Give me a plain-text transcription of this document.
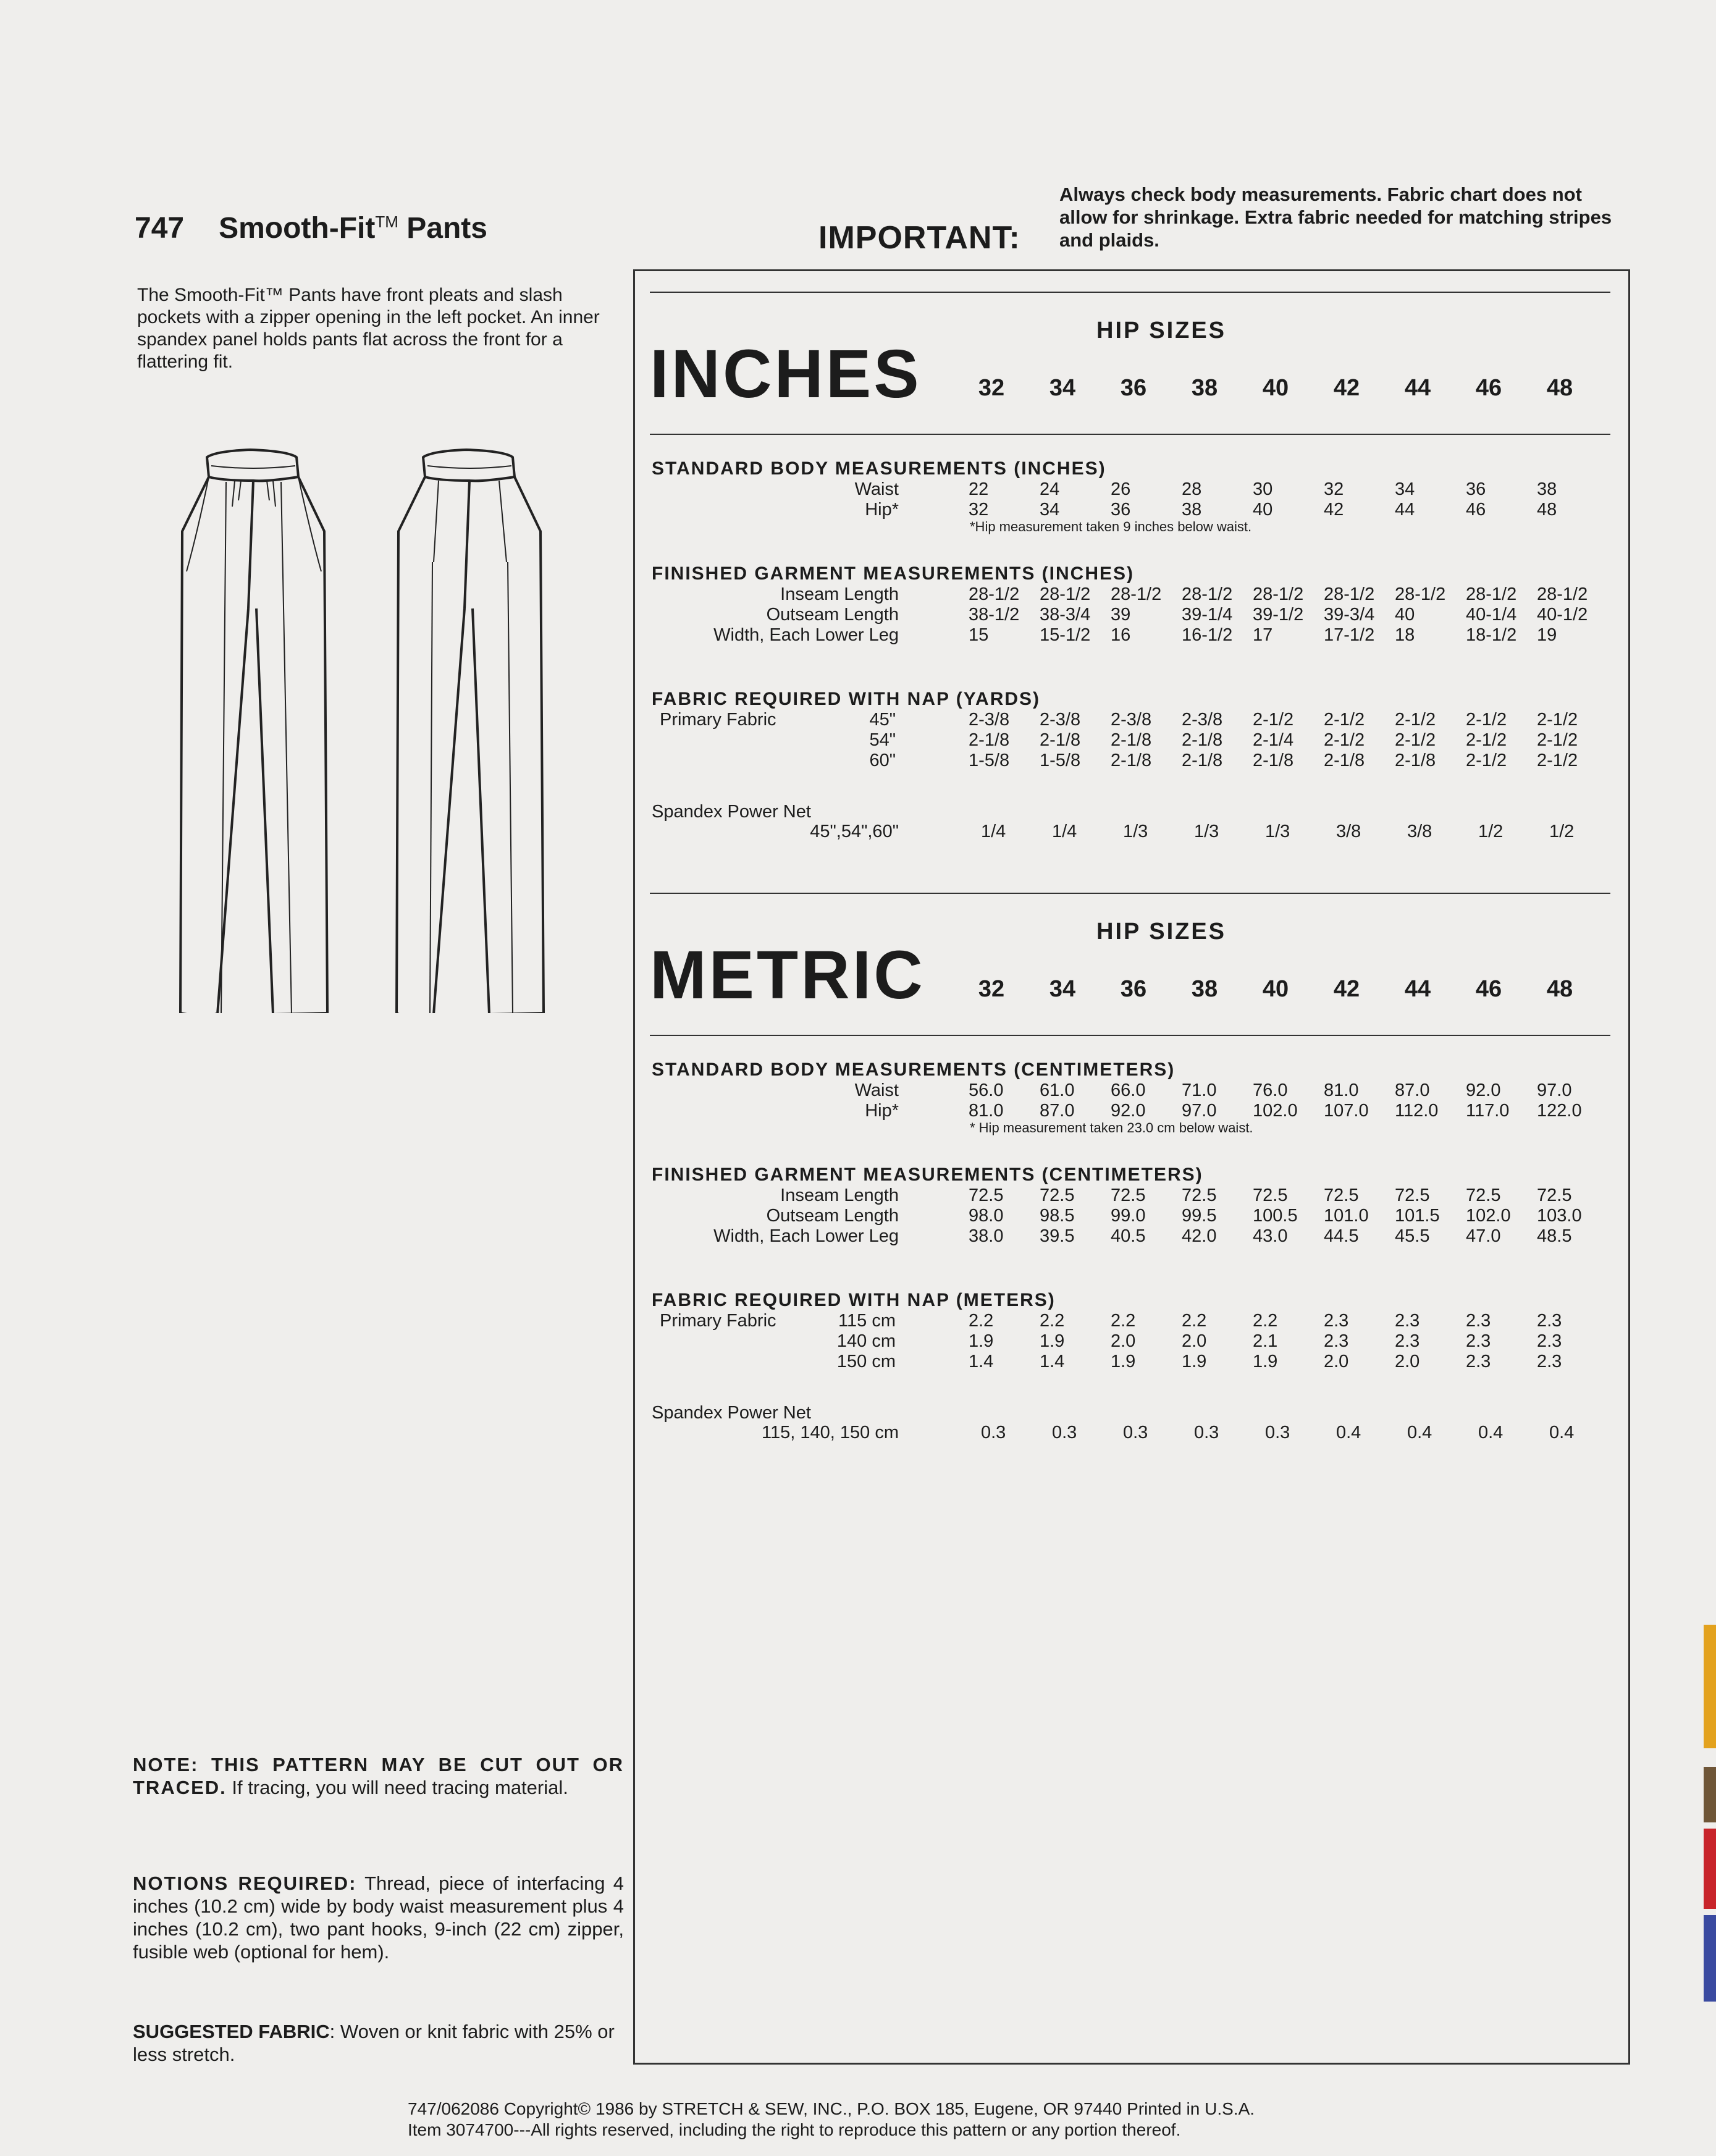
747 Smooth-Fit™ Pants
The Smooth-Fit™ Pants have front pleats and slash pockets with a zipper opening in the left pocket. An inner spandex panel holds pants flat across the front for a flattering fit.
NOTE: THIS PATTERN MAY BE CUT OUT OR TRACED. If tracing, you will need tracing material.
NOTIONS REQUIRED: Thread, piece of interfacing 4 inches (10.2 cm) wide by body waist measurement plus 4 inches (10.2 cm), two pant hooks, 9-inch (22 cm) zipper, fusible web (optional for hem).
SUGGESTED FABRIC: Woven or knit fabric with 25% or less stretch.
IMPORTANT:
Always check body measurements. Fabric chart does not allow for shrinkage. Extra fabric needed for matching stripes and plaids.
HIP SIZES
INCHES	32	34	36	38	40	42	44	46	48
STANDARD BODY MEASUREMENTS (INCHES)
Waist	22	24	26	28	30	32	34	36	38
Hip*	32	34	36	38	40	42	44	46	48
*Hip measurement taken 9 inches below waist.
FINISHED GARMENT MEASUREMENTS (INCHES)
Inseam Length	28-1/2 28-1/2 28-1/2 28-1/2 28-1/2 28-1/2 28-1/2 28-1/2 28-1/2
Outseam Length	38-1/2 38-3/4 39	39-1/4 39-1/2 39-3/4 40	40-1/4 40-1/2
Width, Each Lower Leg	15	15-1/2 16	16-1/2 17	17-1/2 18	18-1/2 19
FABRIC REQUIRED WITH NAP (YARDS)
Primary Fabric	45"	2-3/8 2-3/8 2-3/8 2-3/8 2-1/2 2-1/2 2-1/2 2-1/2 2-1/2
54"	2-1/8 2-1/8 2-1/8 2-1/8 2-1/4 2-1/2 2-1/2 2-1/2 2-1/2
60"	1-5/8 1-5/8 2-1/8 2-1/8 2-1/8 2-1/8 2-1/8 2-1/2 2-1/2
Spandex Power Net
45",54",60"	1/4	1/4	1/3	1/3	1/3	3/8	3/8	1/2	1/2
HIP SIZES
METRIC	32	34	36	38	40	42	44	46	48
STANDARD BODY MEASUREMENTS (CENTIMETERS)
Waist	56.0 61.0 66.0 71.0 76.0 81.0 87.0 92.0 97.0
Hip*	81.0 87.0 92.0 97.0 102.0 107.0 112.0 117.0 122.0
* Hip measurement taken 23.0 cm below waist.
FINISHED GARMENT MEASUREMENTS (CENTIMETERS)
Inseam Length	72.5 72.5 72.5 72.5 72.5 72.5 72.5 72.5 72.5
Outseam Length	98.0 98.5 99.0 99.5 100.5 101.0 101.5 102.0 103.0
Width, Each Lower Leg	38.0 39.5 40.5 42.0 43.0 44.5 45.5 47.0 48.5
FABRIC REQUIRED WITH NAP (METERS)
Primary Fabric	115 cm	2.2	2.2	2.2	2.2	2.2	2.3	2.3	2.3	2.3
140 cm	1.9	1.9	2.0	2.0	2.1	2.3	2.3	2.3	2.3
150 cm	1.4	1.4	1.9	1.9	1.9	2.0	2.0	2.3	2.3
Spandex Power Net
115, 140, 150 cm	0.3	0.3	0.3	0.3	0.3	0.4	0.4	0.4	0.4
747/062086 Copyright© 1986 by STRETCH & SEW, INC., P.O. BOX 185, Eugene, OR 97440 Printed in U.S.A.
Item 3074700---All rights reserved, including the right to reproduce this pattern or any portion thereof.
